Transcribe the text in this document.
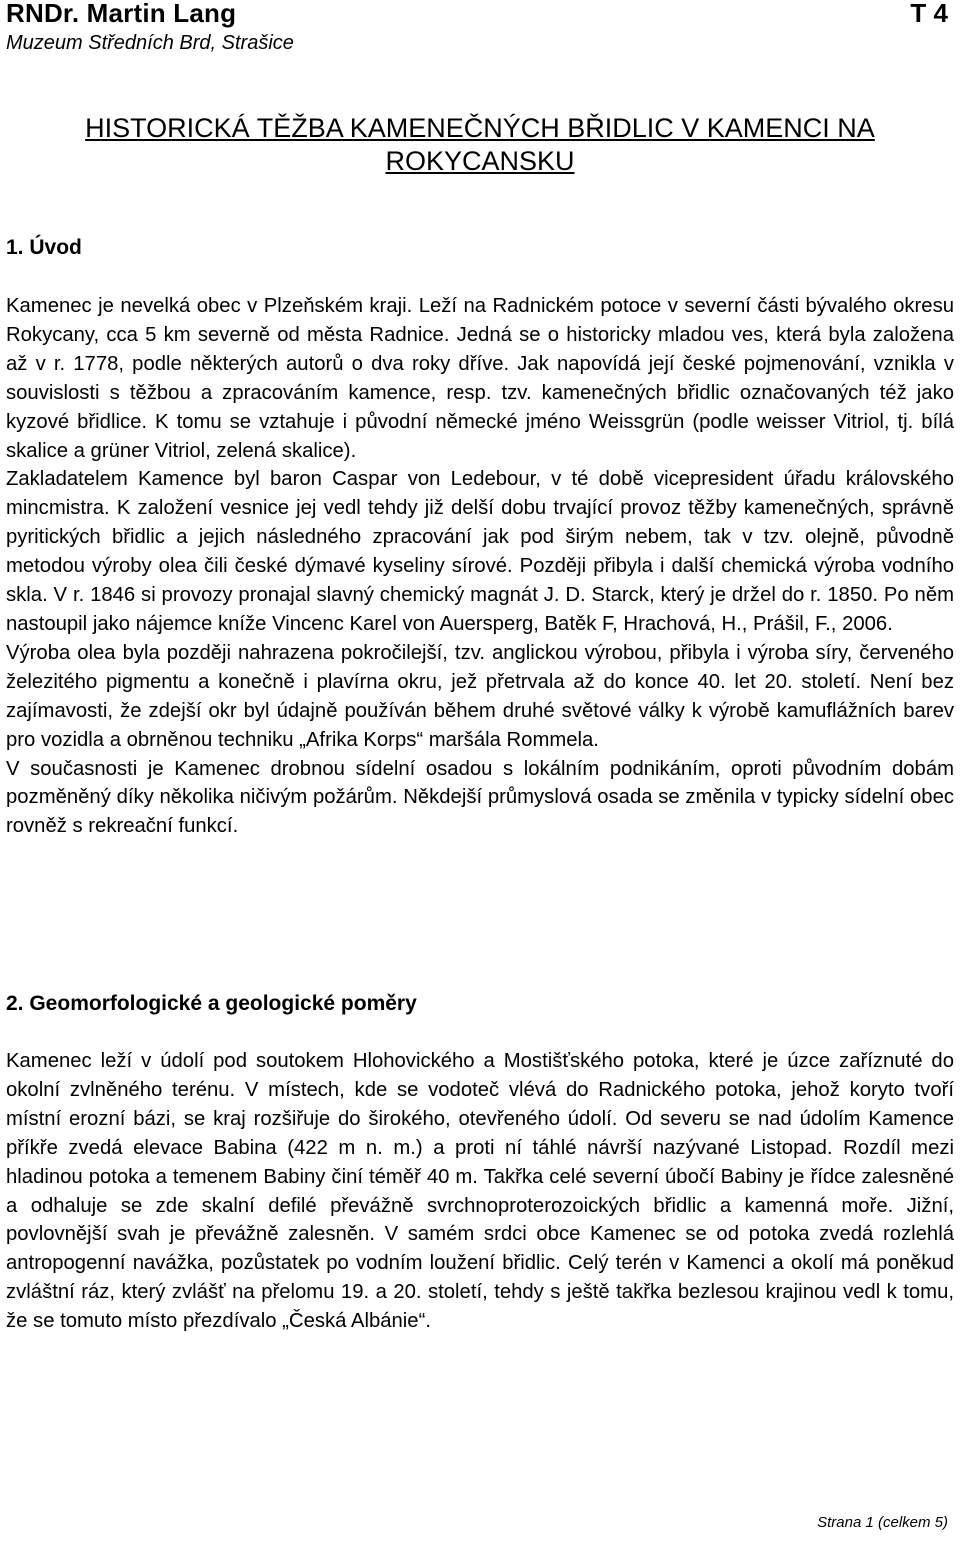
RNDr. Martin Lang	T 4
Muzeum Středních Brd, Strašice
HISTORICKÁ TĚŽBA KAMENEČNÝCH BŘIDLIC V KAMENCI NA ROKYCANSKU
1. Úvod

Kamenec je nevelká obec v Plzeňském kraji. Leží na Radnickém potoce v severní části bývalého okresu Rokycany, cca 5 km severně od města Radnice. Jedná se o historicky mladou ves, která byla založena až v r. 1778, podle některých autorů o dva roky dříve. Jak napovídá její české pojmenování, vznikla v souvislosti s těžbou a zpracováním kamence, resp. tzv. kamenečných břidlic označovaných též jako kyzové břidlice. K tomu se vztahuje i původní německé jméno Weissgrün (podle weisser Vitriol, tj. bílá skalice a grüner Vitriol, zelená skalice).

Zakladatelem Kamence byl baron Caspar von Ledebour, v té době vicepresident úřadu královského mincmistra. K založení vesnice jej vedl tehdy již delší dobu trvající provoz těžby kamenečných, správně pyritických břidlic a jejich následného zpracování jak pod širým nebem, tak v tzv. olejně, původně metodou výroby olea čili české dýmavé kyseliny sírové. Později přibyla i další chemická výroba vodního skla. V r. 1846 si provozy pronajal slavný chemický magnát J. D. Starck, který je držel do r. 1850. Po něm nastoupil jako nájemce kníže Vincenc Karel von Auersperg, Batěk F, Hrachová, H., Prášil, F., 2006.

Výroba olea byla později nahrazena pokročilejší, tzv. anglickou výrobou, přibyla i výroba síry, červeného železitého pigmentu a konečně i plavírna okru, jež přetrvala až do konce 40. let 20. století. Není bez zajímavosti, že zdejší okr byl údajně používán během druhé světové války k výrobě kamuflážních barev pro vozidla a obrněnou techniku „Afrika Korps“ maršála Rommela.

V současnosti je Kamenec drobnou sídelní osadou s lokálním podnikáním, oproti původním dobám pozměněný díky několika ničivým požárům. Někdejší průmyslová osada se změnila v typicky sídelní obec rovněž s rekreační funkcí.

2. Geomorfologické a geologické poměry

Kamenec leží v údolí pod soutokem Hlohovického a Mostišťského potoka, které je úzce zaříznuté do okolní zvlněného terénu. V místech, kde se vodoteč vlévá do Radnického potoka, jehož koryto tvoří místní erozní bázi, se kraj rozšiřuje do širokého, otevřeného údolí. Od severu se nad údolím Kamence příkře zvedá elevace Babina (422 m n. m.) a proti ní táhlé návrší nazývané Listopad. Rozdíl mezi hladinou potoka a temenem Babiny činí téměř 40 m. Takřka celé severní úbočí Babiny je řídce zalesněné a odhaluje se zde skalní defilé převážně svrchnoproterozoických břidlic a kamenná moře. Jižní, povlovnější svah je převážně zalesněn. V samém srdci obce Kamenec se od potoka zvedá rozlehlá antropogenní navážka, pozůstatek po vodním loužení břidlic. Celý terén v Kamenci a okolí má poněkud zvláštní ráz, který zvlášť na přelomu 19. a 20. století, tehdy s ještě takřka bezlesou krajinou vedl k tomu, že se tomuto místo přezdívalo „Česká Albánie“.

Strana 1 (celkem 5)
